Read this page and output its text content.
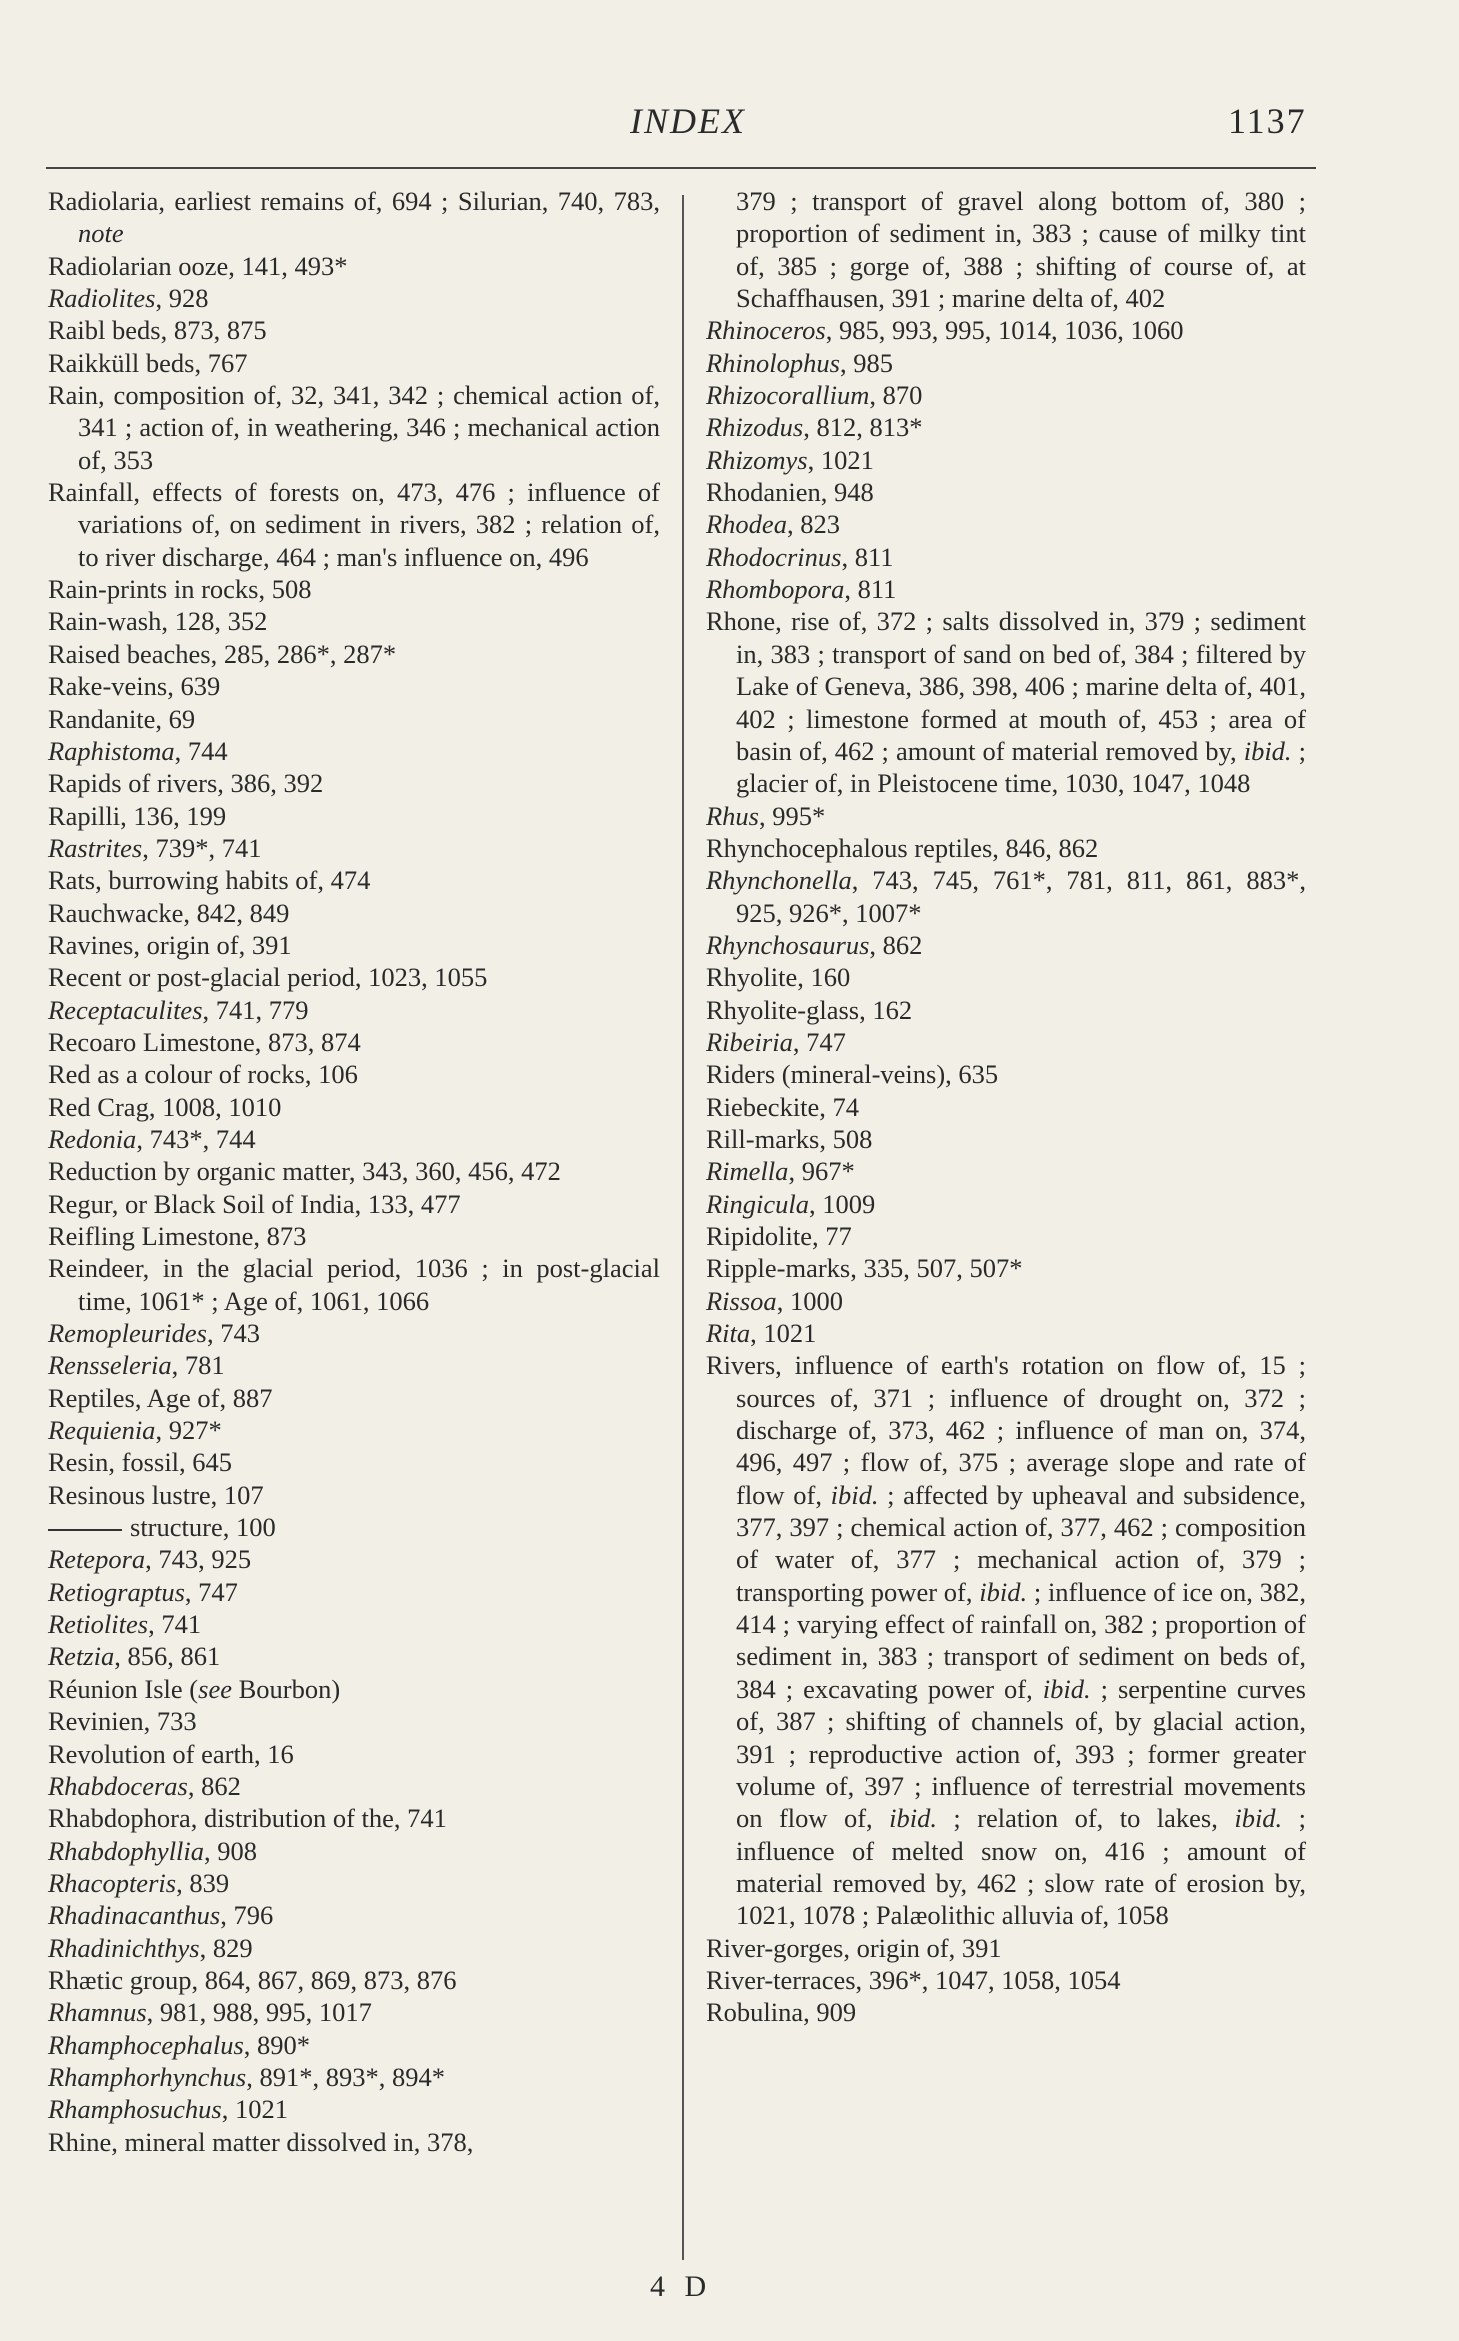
INDEX	1137
Radiolaria, earliest remains of, 694 ; Silurian, 740, 783, note
Radiolarian ooze, 141, 493*
Radiolites, 928
Raibl beds, 873, 875
Raikküll beds, 767
Rain, composition of, 32, 341, 342 ; chemical action of, 341 ; action of, in weathering, 346 ; mechanical action of, 353
Rainfall, effects of forests on, 473, 476 ; influence of variations of, on sediment in rivers, 382 ; relation of, to river discharge, 464 ; man's influence on, 496
Rain-prints in rocks, 508
Rain-wash, 128, 352
Raised beaches, 285, 286*, 287*
Rake-veins, 639
Randanite, 69
Raphistoma, 744
Rapids of rivers, 386, 392
Rapilli, 136, 199
Rastrites, 739*, 741
Rats, burrowing habits of, 474
Rauchwacke, 842, 849
Ravines, origin of, 391
Recent or post-glacial period, 1023, 1055
Receptaculites, 741, 779
Recoaro Limestone, 873, 874
Red as a colour of rocks, 106
Red Crag, 1008, 1010
Redonia, 743*, 744
Reduction by organic matter, 343, 360, 456, 472
Regur, or Black Soil of India, 133, 477
Reifling Limestone, 873
Reindeer, in the glacial period, 1036 ; in post-glacial time, 1061* ; Age of, 1061, 1066
Remopleurides, 743
Rensseleria, 781
Reptiles, Age of, 887
Requienia, 927*
Resin, fossil, 645
Resinous lustre, 107
structure, 100
Retepora, 743, 925
Retiograptus, 747
Retiolites, 741
Retzia, 856, 861
Réunion Isle (see Bourbon)
Revinien, 733
Revolution of earth, 16
Rhabdoceras, 862
Rhabdophora, distribution of the, 741
Rhabdophyllia, 908
Rhacopteris, 839
Rhadinacanthus, 796
Rhadinichthys, 829
Rhætic group, 864, 867, 869, 873, 876
Rhamnus, 981, 988, 995, 1017
Rhamphocephalus, 890*
Rhamphorhynchus, 891*, 893*, 894*
Rhamphosuchus, 1021
Rhine, mineral matter dissolved in, 378,
379 ; transport of gravel along bottom of, 380 ; proportion of sediment in, 383 ; cause of milky tint of, 385 ; gorge of, 388 ; shifting of course of, at Schaffhausen, 391 ; marine delta of, 402
Rhinoceros, 985, 993, 995, 1014, 1036, 1060
Rhinolophus, 985
Rhizocorallium, 870
Rhizodus, 812, 813*
Rhizomys, 1021
Rhodanien, 948
Rhodea, 823
Rhodocrinus, 811
Rhombopora, 811
Rhone, rise of, 372 ; salts dissolved in, 379 ; sediment in, 383 ; transport of sand on bed of, 384 ; filtered by Lake of Geneva, 386, 398, 406 ; marine delta of, 401, 402 ; limestone formed at mouth of, 453 ; area of basin of, 462 ; amount of material removed by, ibid. ; glacier of, in Pleistocene time, 1030, 1047, 1048
Rhus, 995*
Rhynchocephalous reptiles, 846, 862
Rhynchonella, 743, 745, 761*, 781, 811, 861, 883*, 925, 926*, 1007*
Rhynchosaurus, 862
Rhyolite, 160
Rhyolite-glass, 162
Ribeiria, 747
Riders (mineral-veins), 635
Riebeckite, 74
Rill-marks, 508
Rimella, 967*
Ringicula, 1009
Ripidolite, 77
Ripple-marks, 335, 507, 507*
Rissoa, 1000
Rita, 1021
Rivers, influence of earth's rotation on flow of, 15 ; sources of, 371 ; influence of drought on, 372 ; discharge of, 373, 462 ; influence of man on, 374, 496, 497 ; flow of, 375 ; average slope and rate of flow of, ibid. ; affected by upheaval and subsidence, 377, 397 ; chemical action of, 377, 462 ; composition of water of, 377 ; mechanical action of, 379 ; transporting power of, ibid. ; influence of ice on, 382, 414 ; varying effect of rainfall on, 382 ; proportion of sediment in, 383 ; transport of sediment on beds of, 384 ; excavating power of, ibid. ; serpentine curves of, 387 ; shifting of channels of, by glacial action, 391 ; reproductive action of, 393 ; former greater volume of, 397 ; influence of terrestrial movements on flow of, ibid. ; relation of, to lakes, ibid. ; influence of melted snow on, 416 ; amount of material removed by, 462 ; slow rate of erosion by, 1021, 1078 ; Palæolithic alluvia of, 1058
River-gorges, origin of, 391
River-terraces, 396*, 1047, 1058, 1054
Robulina, 909
4 D
